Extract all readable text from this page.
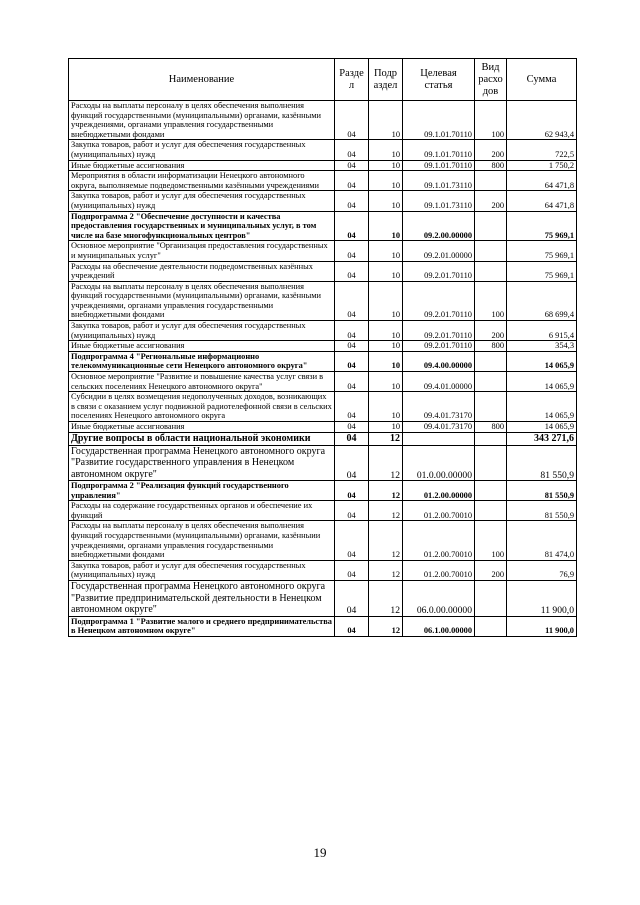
Наименование	Разде л	Подр аздел	Целевая статья	Вид расхо дов	Сумма
Расходы на выплаты персоналу в целях обеспечения выполнения функций государственными (муниципальными) органами, казёнными учреждениями, органами управления государственными внебюджетными фондами	04	10	09.1.01.70110	100	62 943,4
Закупка товаров, работ и услуг для обеспечения государственных (муниципальных) нужд	04	10	09.1.01.70110	200	722,5
Иные бюджетные ассигнования	04	10	09.1.01.70110	800	1 750,2
Мероприятия в области информатизации Ненецкого автономного округа, выполняемые подведомственными казёнными учреждениями	04	10	09.1.01.73110		64 471,8
Закупка товаров, работ и услуг для обеспечения государственных (муниципальных) нужд	04	10	09.1.01.73110	200	64 471,8
Подпрограмма 2 "Обеспечение доступности и качества предоставления государственных и муниципальных услуг, в том числе на базе многофункциональных центров"	04	10	09.2.00.00000		75 969,1
Основное мероприятие "Организация предоставления государственных и муниципальных услуг"	04	10	09.2.01.00000		75 969,1
Расходы на обеспечение деятельности подведомственных казённых учреждений	04	10	09.2.01.70110		75 969,1
Расходы на выплаты персоналу в целях обеспечения выполнения функций государственными (муниципальными) органами, казёнными учреждениями, органами управления государственными внебюджетными фондами	04	10	09.2.01.70110	100	68 699,4
Закупка товаров, работ и услуг для обеспечения государственных (муниципальных) нужд	04	10	09.2.01.70110	200	6 915,4
Иные бюджетные ассигнования	04	10	09.2.01.70110	800	354,3
Подпрограмма 4 "Региональные информационно телекоммуникационные сети Ненецкого автономного округа"	04	10	09.4.00.00000		14 065,9
Основное мероприятие "Развитие и повышение качества услуг связи в сельских поселениях Ненецкого автономного округа"	04	10	09.4.01.00000		14 065,9
Субсидии в целях возмещения недополученных доходов, возникающих в связи с оказанием услуг подвижной радиотелефонной связи в сельских поселениях Ненецкого автономного округа	04	10	09.4.01.73170		14 065,9
Иные бюджетные ассигнования	04	10	09.4.01.73170	800	14 065,9
Другие вопросы в области национальной экономики	04	12			343 271,6
Государственная программа Ненецкого автономного округа "Развитие государственного управления в Ненецком автономном округе"	04	12	01.0.00.00000		81 550,9
Подпрограмма 2 "Реализация функций государственного управления"	04	12	01.2.00.00000		81 550,9
Расходы на содержание государственных органов и обеспечение их функций	04	12	01.2.00.70010		81 550,9
Расходы на выплаты персоналу в целях обеспечения выполнения функций государственными (муниципальными) органами, казённыии учреждениями, органами управления государственными внебюджетными фондами	04	12	01.2.00.70010	100	81 474,0
Закупка товаров, работ и услуг для обеспечения государственных (муниципальных) нужд	04	12	01.2.00.70010	200	76,9
Государственная программа Ненецкого автономного округа "Развитие предпринимательской деятельности в Ненецком автономном округе"	04	12	06.0.00.00000		11 900,0
Подпрограмма 1 "Развитие малого и среднего предпринимательства в Ненецком автономном округе"	04	12	06.1.00.00000		11 900,0
19
